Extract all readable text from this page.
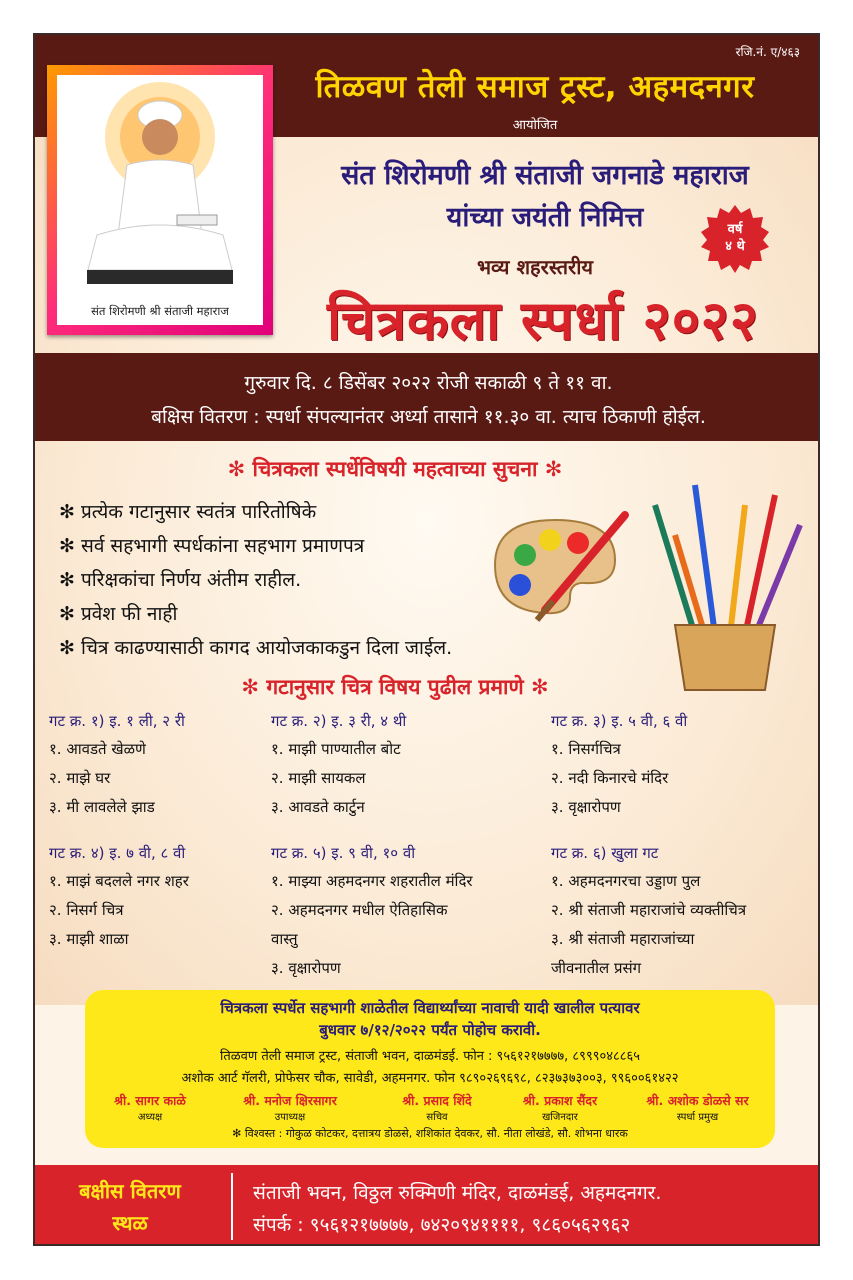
रजि.नं. ए/४६३
तिळवण तेली समाज ट्रस्ट, अहमदनगर
आयोजित
संत शिरोमणी श्री संताजी महाराज
संत शिरोमणी श्री संताजी जगनाडे महाराज
यांच्या जयंती निमित्त	वर्ष
४ थे
भव्य शहरस्तरीय
चित्रकला स्पर्धा २०२२
गुरुवार दि. ८ डिसेंबर २०२२ रोजी सकाळी ९ ते ११ वा.
बक्षिस वितरण : स्पर्धा संपल्यानंतर अर्ध्या तासाने ११.३० वा. त्याच ठिकाणी होईल.
✻ चित्रकला स्पर्धेविषयी महत्वाच्या सुचना ✻
✻ प्रत्येक गटानुसार स्वतंत्र पारितोषिके
✻ सर्व सहभागी स्पर्धकांना सहभाग प्रमाणपत्र
✻ परिक्षकांचा निर्णय अंतीम राहील.
✻ प्रवेश फी नाही
✻ चित्र काढण्यासाठी कागद आयोजकाकडुन दिला जाईल.
✻ गटानुसार चित्र विषय पुढील प्रमाणे ✻
गट क्र. १) इ. १ ली, २ री
१. आवडते खेळणे
२. माझे घर
३. मी लावलेले झाड
गट क्र. २) इ. ३ री, ४ थी
१. माझी पाण्यातील बोट
२. माझी सायकल
३. आवडते कार्टुन
गट क्र. ३) इ. ५ वी, ६ वी
१. निसर्गचित्र
२. नदी किनारचे मंदिर
३. वृक्षारोपण
गट क्र. ४) इ. ७ वी, ८ वी
१. माझं बदलले नगर शहर
२. निसर्ग चित्र
३. माझी शाळा
गट क्र. ५) इ. ९ वी, १० वी
१. माझ्या अहमदनगर शहरातील मंदिर
२. अहमदनगर मधील ऐतिहासिक
वास्तु
३. वृक्षारोपण
गट क्र. ६) खुला गट
१. अहमदनगरचा उड्डाण पुल
२. श्री संताजी महाराजांचे व्यक्तीचित्र
३. श्री संताजी महाराजांच्या
जीवनातील प्रसंग
चित्रकला स्पर्धेत सहभागी शाळेतील विद्यार्थ्यांच्या नावाची यादी खालील पत्यावर
बुधवार ७/१२/२०२२ पर्यंत पोहोच करावी.
तिळवण तेली समाज ट्रस्ट, संताजी भवन, दाळमंडई. फोन : ९५६१२१७७७७, ८९९९०४८८६५
अशोक आर्ट गॅलरी, प्रोफेसर चौक, सावेडी, अहमनगर. फोन ९८९०२६९६९८, ८२३७३७३००३, ९९६००६१४२२
श्री. सागर काळे
अध्यक्ष
श्री. मनोज क्षिरसागर
उपाध्यक्ष
श्री. प्रसाद शिंदे
सचिव
श्री. प्रकाश सैंदर
खजिनदार
श्री. अशोक डोळसे सर
स्पर्धा प्रमुख
✻ विश्वस्त : गोकुळ कोटकर, दत्तात्रय डोळसे, शशिकांत देवकर, सौ. नीता लोखंडे, सौ. शोभना धारक
बक्षीस वितरण
स्थळ
संताजी भवन, विठ्ठल रुक्मिणी मंदिर, दाळमंडई, अहमदनगर.
संपर्क : ९५६१२१७७७७, ७४२०९४११११, ९८६०५६२९६२
